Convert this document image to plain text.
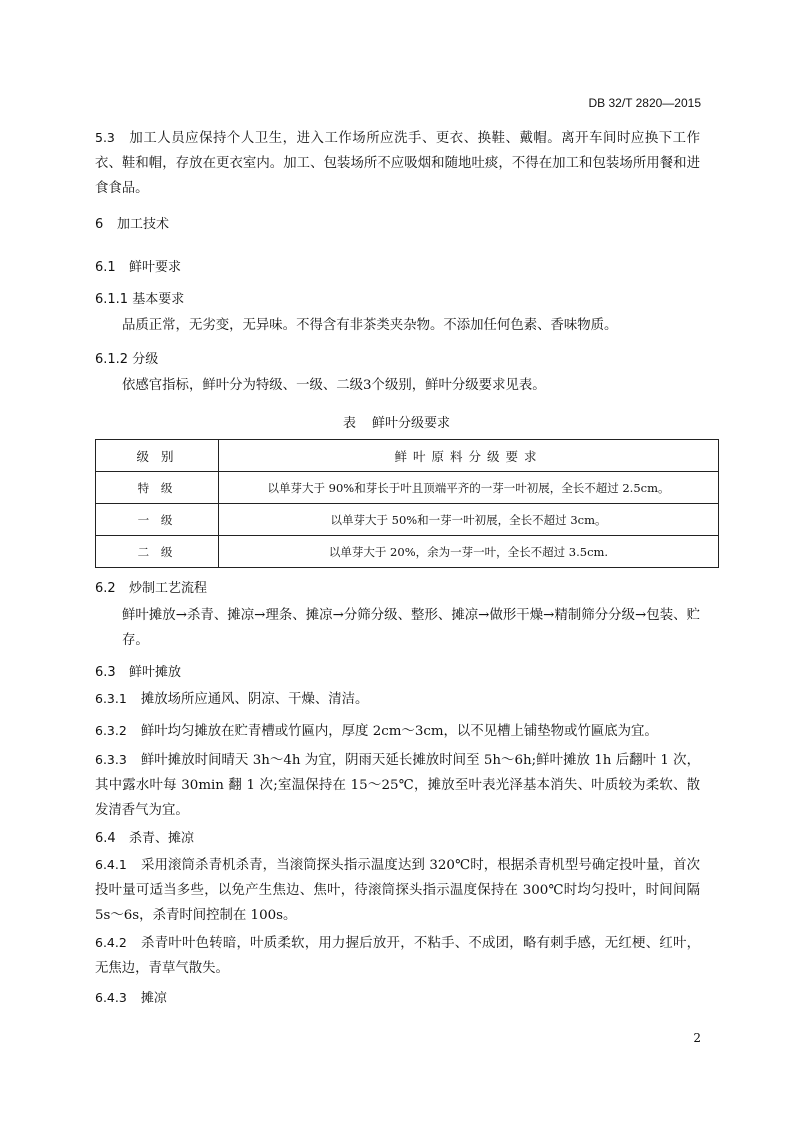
DB 32/T 2820—2015
5.3 加工人员应保持个人卫生，进入工作场所应洗手、更衣、换鞋、戴帽。离开车间时应换下工作衣、鞋和帽，存放在更衣室内。加工、包装场所不应吸烟和随地吐痰，不得在加工和包装场所用餐和进食食品。
6 加工技术
6.1 鲜叶要求
6.1.1 基本要求
品质正常，无劣变，无异味。不得含有非茶类夹杂物。不添加任何色素、香味物质。
6.1.2 分级
依感官指标，鲜叶分为特级、一级、二级3个级别，鲜叶分级要求见表。
表 鲜叶分级要求
级 别	鲜叶原料分级要求
特 级	以单芽大于 90%和芽长于叶且顶端平齐的一芽一叶初展，全长不超过 2.5cm。
一 级	以单芽大于 50%和一芽一叶初展，全长不超过 3cm。
二 级	以单芽大于 20%，余为一芽一叶，全长不超过 3.5cm.
6.2 炒制工艺流程
鲜叶摊放→杀青、摊凉→理条、摊凉→分筛分级、整形、摊凉→做形干燥→精制筛分分级→包装、贮存。
6.3 鲜叶摊放
6.3.1 摊放场所应通风、阴凉、干燥、清洁。
6.3.2 鲜叶均匀摊放在贮青槽或竹匾内，厚度 2cm～3cm，以不见槽上铺垫物或竹匾底为宜。
6.3.3 鲜叶摊放时间晴天 3h～4h 为宜，阴雨天延长摊放时间至 5h～6h;鲜叶摊放 1h 后翻叶 1 次，其中露水叶每 30min 翻 1 次;室温保持在 15～25℃，摊放至叶表光泽基本消失、叶质较为柔软、散发清香气为宜。
6.4 杀青、摊凉
6.4.1 采用滚筒杀青机杀青，当滚筒探头指示温度达到 320℃时，根据杀青机型号确定投叶量，首次投叶量可适当多些，以免产生焦边、焦叶，待滚筒探头指示温度保持在 300℃时均匀投叶，时间间隔 5s～6s，杀青时间控制在 100s。
6.4.2 杀青叶叶色转暗，叶质柔软，用力握后放开，不粘手、不成团，略有刺手感，无红梗、红叶，无焦边，青草气散失。
6.4.3 摊凉
2
